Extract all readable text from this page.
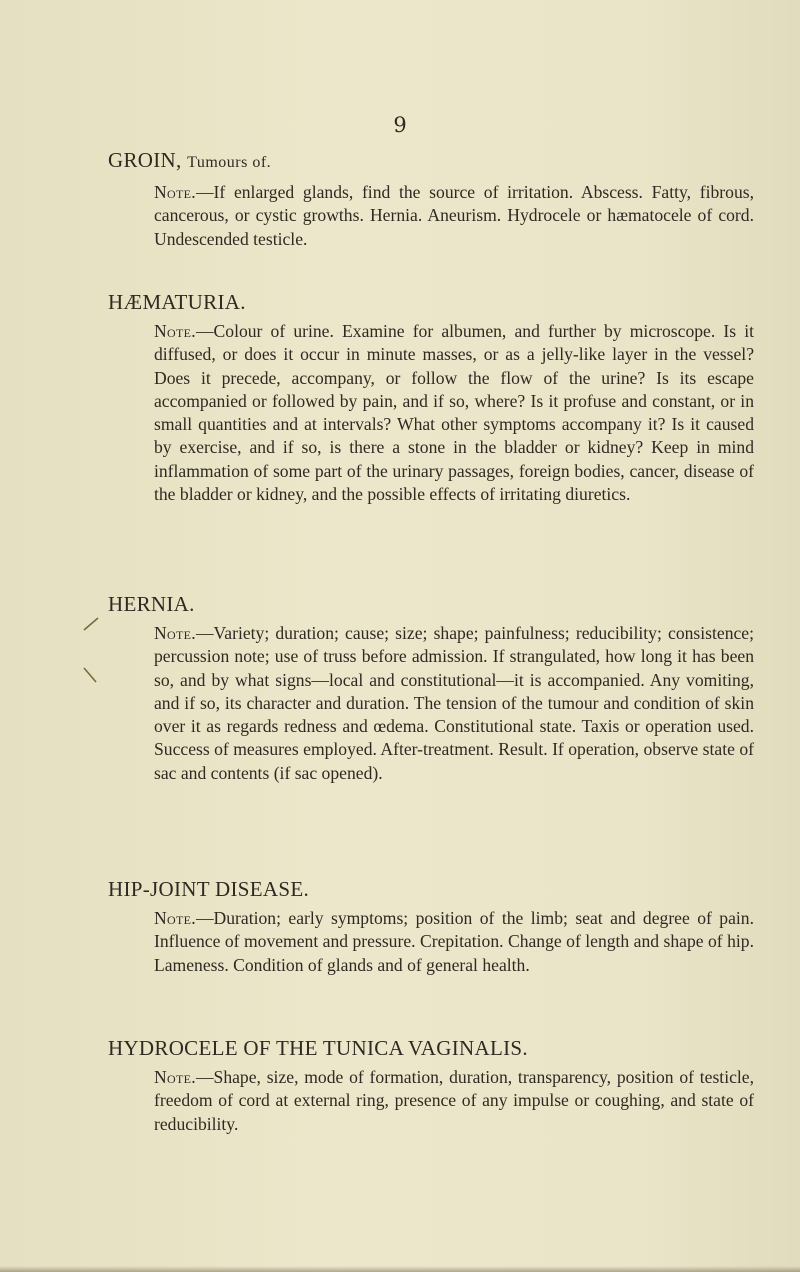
9

GROIN, Tumours of.

Note.—If enlarged glands, find the source of irritation. Abscess. Fatty, fibrous, cancerous, or cystic growths. Hernia. Aneurism. Hydrocele or hæmatocele of cord. Undescended testicle.

HÆMATURIA.

Note.—Colour of urine. Examine for albumen, and further by microscope. Is it diffused, or does it occur in minute masses, or as a jelly-like layer in the vessel? Does it precede, accompany, or follow the flow of the urine? Is its escape accompanied or followed by pain, and if so, where? Is it profuse and constant, or in small quantities and at intervals? What other symptoms accompany it? Is it caused by exercise, and if so, is there a stone in the bladder or kidney? Keep in mind inflammation of some part of the urinary passages, foreign bodies, cancer, disease of the bladder or kidney, and the possible effects of irritating diuretics.

HERNIA.

Note.—Variety; duration; cause; size; shape; painfulness; reducibility; consistence; percussion note; use of truss before admission. If strangulated, how long it has been so, and by what signs—local and constitutional—it is accompanied. Any vomiting, and if so, its character and duration. The tension of the tumour and condition of skin over it as regards redness and œdema. Constitutional state. Taxis or operation used. Success of measures employed. After-treatment. Result. If operation, observe state of sac and contents (if sac opened).

HIP-JOINT DISEASE.

Note.—Duration; early symptoms; position of the limb; seat and degree of pain. Influence of movement and pressure. Crepitation. Change of length and shape of hip. Lameness. Condition of glands and of general health.

HYDROCELE OF THE TUNICA VAGINALIS.

Note.—Shape, size, mode of formation, duration, transparency, position of testicle, freedom of cord at external ring, presence of any impulse or coughing, and state of reducibility.
